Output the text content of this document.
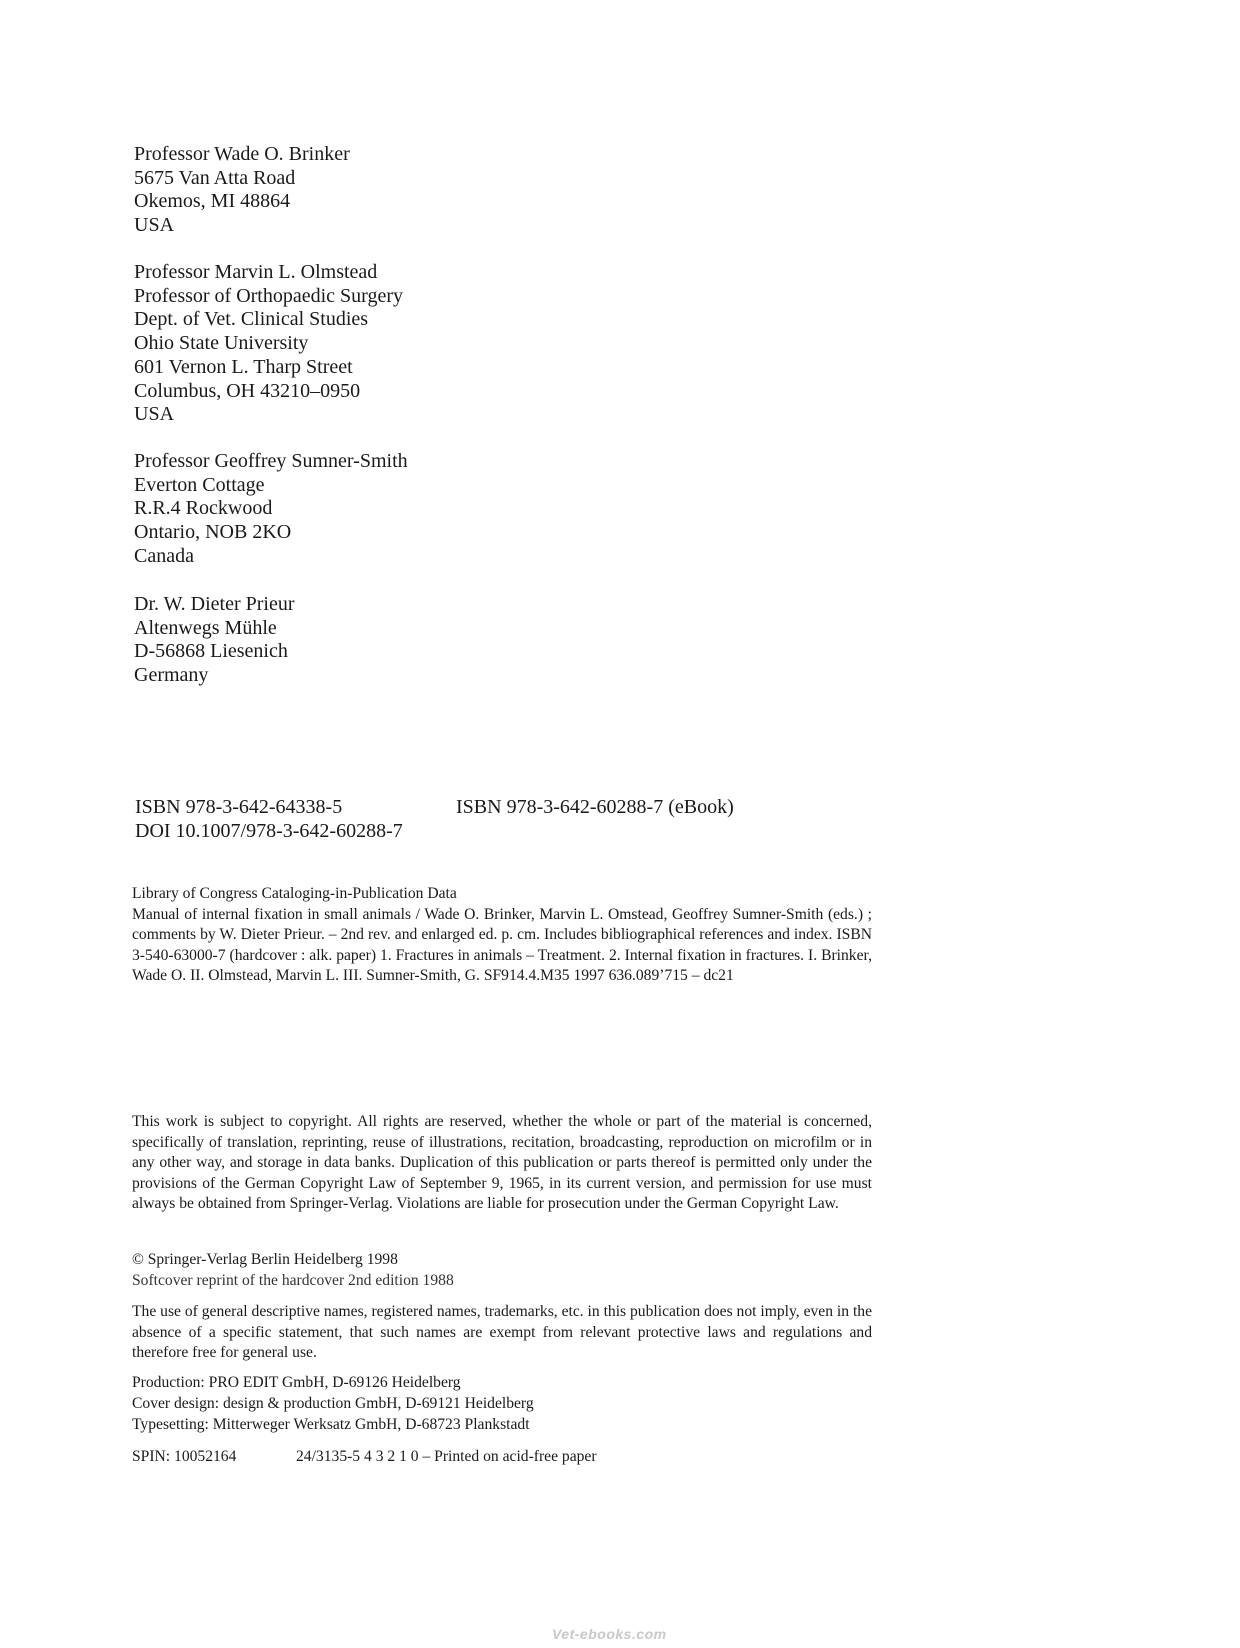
Professor Wade O. Brinker
5675 Van Atta Road
Okemos, MI 48864
USA
Professor Marvin L. Olmstead
Professor of Orthopaedic Surgery
Dept. of Vet. Clinical Studies
Ohio State University
601 Vernon L. Tharp Street
Columbus, OH 43210–0950
USA
Professor Geoffrey Sumner-Smith
Everton Cottage
R.R.4 Rockwood
Ontario, NOB 2KO
Canada
Dr. W. Dieter Prieur
Altenwegs Mühle
D-56868 Liesenich
Germany
ISBN 978-3-642-64338-5	ISBN 978-3-642-60288-7 (eBook)
DOI 10.1007/978-3-642-60288-7

Library of Congress Cataloging-in-Publication Data

Manual of internal fixation in small animals / Wade O. Brinker, Marvin L. Omstead, Geoffrey Sumner-Smith (eds.) ; comments by W. Dieter Prieur. – 2nd rev. and enlarged ed. p. cm. Includes bibliographical references and index. ISBN 3-540-63000-7 (hardcover : alk. paper) 1. Fractures in animals – Treatment. 2. Internal fixation in fractures. I. Brinker, Wade O. II. Olmstead, Marvin L. III. Sumner-Smith, G. SF914.4.M35 1997 636.089’715 – dc21

This work is subject to copyright. All rights are reserved, whether the whole or part of the material is concerned, specifically of translation, reprinting, reuse of illustrations, recitation, broadcasting, reproduction on microfilm or in any other way, and storage in data banks. Duplication of this publication or parts thereof is permitted only under the provisions of the German Copyright Law of September 9, 1965, in its current version, and permission for use must always be obtained from Springer-Verlag. Violations are liable for prosecution under the German Copyright Law.
© Springer-Verlag Berlin Heidelberg 1998
Softcover reprint of the hardcover 2nd edition 1988
The use of general descriptive names, registered names, trademarks, etc. in this publication does not imply, even in the absence of a specific statement, that such names are exempt from relevant protective laws and regulations and therefore free for general use.
Production: PRO EDIT GmbH, D-69126 Heidelberg
Cover design: design & production GmbH, D-69121 Heidelberg
Typesetting: Mitterweger Werksatz GmbH, D-68723 Plankstadt
SPIN: 10052164	24/3135-5 4 3 2 1 0 – Printed on acid-free paper
Vet-ebooks.com
